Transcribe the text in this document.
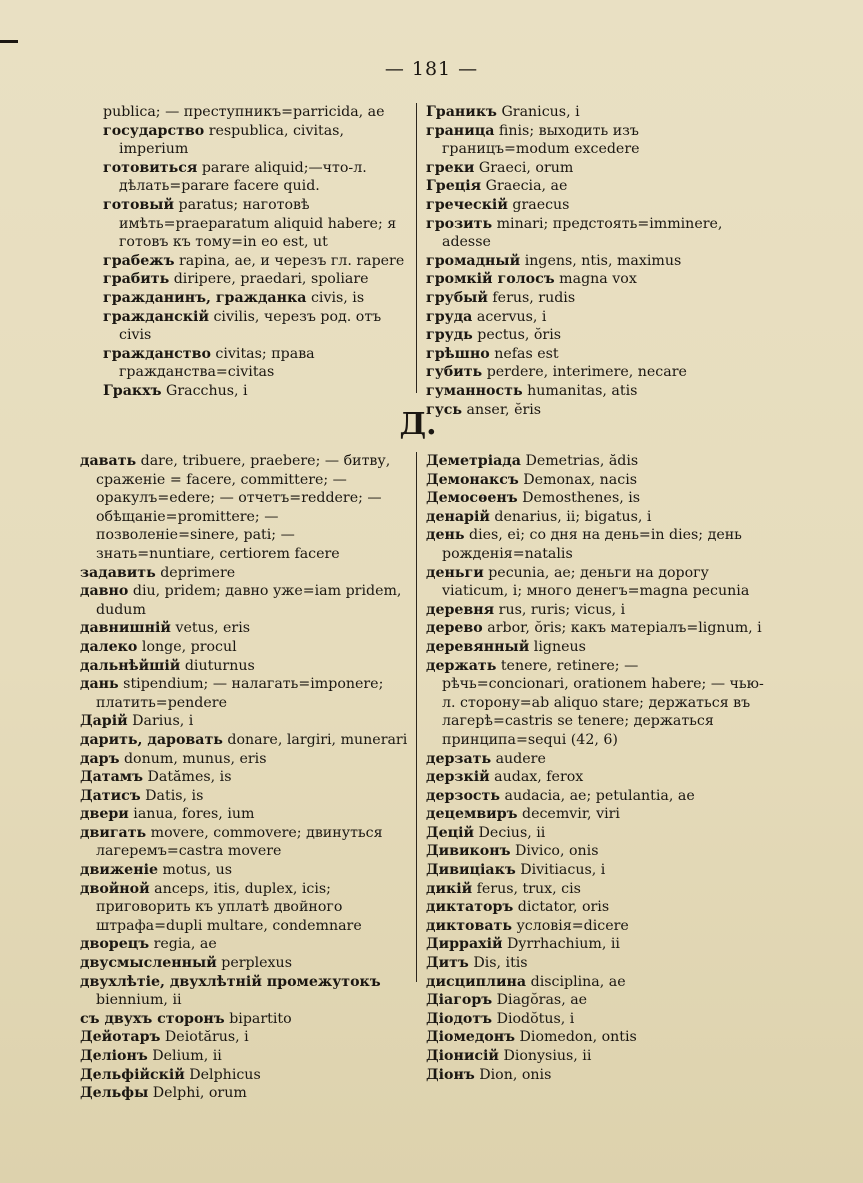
— 181 —

publica; — преступникъ=parricida, ae

государство respublica, civitas, imperium

готовиться parare aliquid;—что-л. дѣлать=parare facere quid.

готовый paratus; наготовѣ имѣть=praeparatum aliquid habere; я готовъ къ тому=in eo est, ut

грабежъ rapina, ae, и черезъ гл. rapere

грабить diripere, praedari, spoliare

гражданинъ, гражданка civis, is

гражданскій civilis, черезъ род. отъ civis

гражданство civitas; права гражданства=civitas

Гракхъ Gracchus, i

Граникъ Granicus, i

граница finis; выходить изъ границъ=modum excedere

греки Graeci, orum

Греція Graecia, ae

греческій graecus

грозить minari; предстоять=imminere, adesse

громадный ingens, ntis, maximus

громкій голосъ magna vox

грубый ferus, rudis

груда acervus, i

грудь pectus, ŏris

грѣшно nefas est

губить perdere, interimere, necare

гуманность humanitas, atis

гусь anser, ĕris

Д.

давать dare, tribuere, praebere; — битву, сраженіе = facere, committere; — оракулъ=edere; — отчетъ=reddere; — обѣщаніе=promittere; — позволеніе=sinere, pati; — знать=nuntiare, certiorem facere

задавить deprimere

давно diu, pridem; давно уже=iam pridem, dudum

давнишній vetus, eris

далеко longe, procul

дальнѣйшій diuturnus

дань stipendium; — налагать=imponere; платить=pendere

Дарій Darius, i

дарить, даровать donare, largiri, munerari

даръ donum, munus, eris

Датамъ Datămes, is

Датисъ Datis, is

двери ianua, fores, ium

двигать movere, commovere; двинуться лагеремъ=castra movere

движеніе motus, us

двойной anceps, itis, duplex, icis; приговорить къ уплатѣ двойного штрафа=dupli multare, condemnare

дворецъ regia, ae

двусмысленный perplexus

двухлѣтіе, двухлѣтній промежутокъ biennium, ii

съ двухъ сторонъ bipartito

Дейотаръ Deiotărus, i

Деліонъ Delium, ii

Дельфійскій Delphicus

Дельфы Delphi, orum

Деметріада Demetrias, ădis

Демонаксъ Demonax, nacis

Демосѳенъ Demosthenes, is

денарій denarius, ii; bigatus, i

день dies, ei; со дня на день=in dies; день рожденія=natalis

деньги pecunia, ae; деньги на дорогу viaticum, i; много денегъ=magna pecunia

деревня rus, ruris; vicus, i

дерево arbor, ŏris; какъ матеріалъ=lignum, i

деревянный ligneus

держать tenere, retinere; — рѣчь=concionari, orationem habere; — чью-л. сторону=ab aliquo stare; держаться въ лагерѣ=castris se tenere; держаться принципа=sequi (42, 6)

дерзать audere

дерзкій audax, ferox

дерзость audacia, ae; petulantia, ae

децемвиръ decemvir, viri

Децій Decius, ii

Дивиконъ Divico, onis

Дивиціакъ Divitiacus, i

дикій ferus, trux, cis

диктаторъ dictator, oris

диктовать условія=dicere

Диррахій Dyrrhachium, ii

Дитъ Dis, itis

дисциплина disciplina, ae

Діагоръ Diagŏras, ae

Діодотъ Diodŏtus, i

Діомедонъ Diomedon, ontis

Діонисій Dionysius, ii

Діонъ Dion, onis
